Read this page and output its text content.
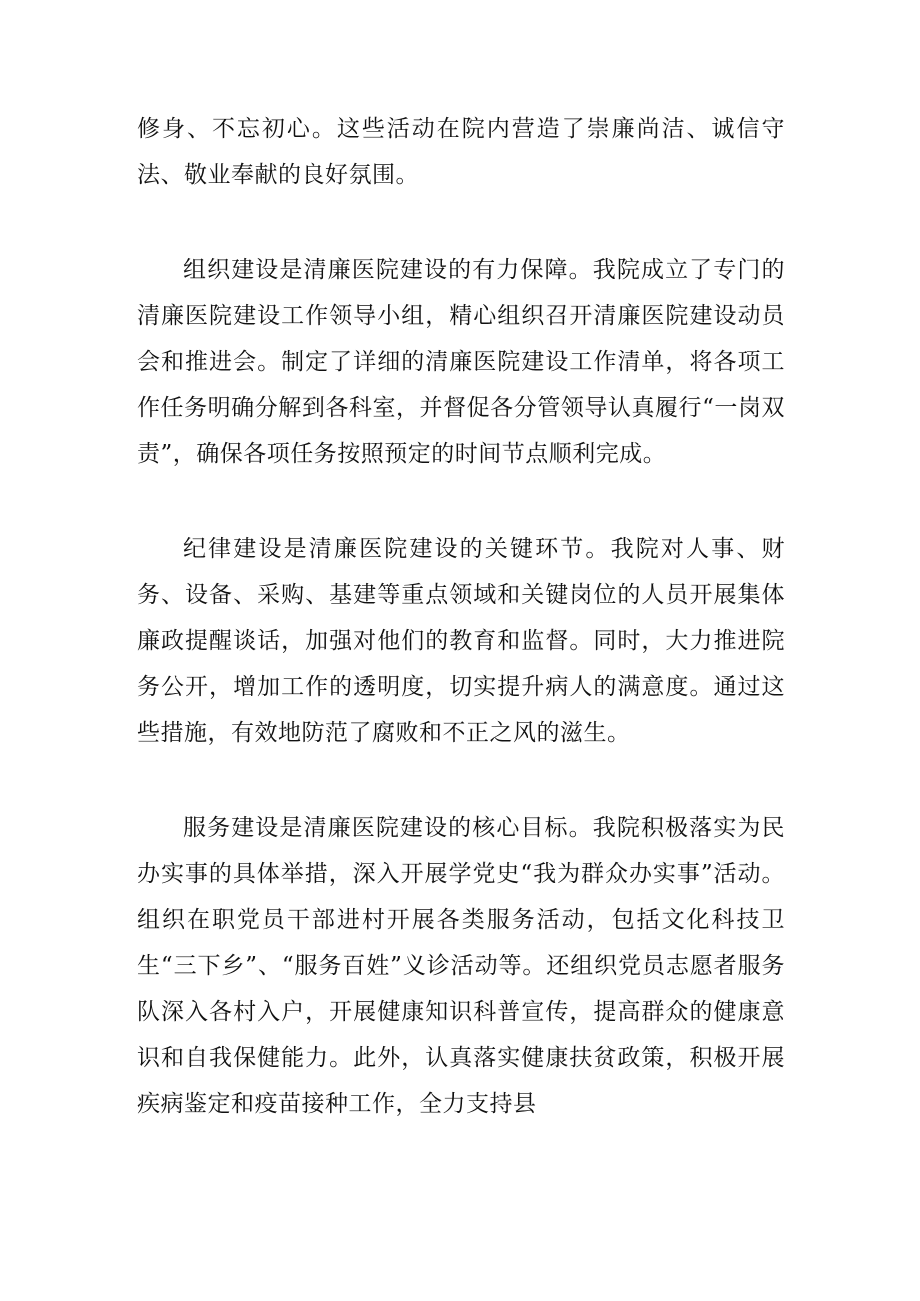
修身、不忘初心。这些活动在院内营造了崇廉尚洁、诚信守法、敬业奉献的良好氛围。

组织建设是清廉医院建设的有力保障。我院成立了专门的清廉医院建设工作领导小组，精心组织召开清廉医院建设动员会和推进会。制定了详细的清廉医院建设工作清单，将各项工作任务明确分解到各科室，并督促各分管领导认真履行“一岗双责”，确保各项任务按照预定的时间节点顺利完成。

纪律建设是清廉医院建设的关键环节。我院对人事、财务、设备、采购、基建等重点领域和关键岗位的人员开展集体廉政提醒谈话，加强对他们的教育和监督。同时，大力推进院务公开，增加工作的透明度，切实提升病人的满意度。通过这些措施，有效地防范了腐败和不正之风的滋生。

服务建设是清廉医院建设的核心目标。我院积极落实为民办实事的具体举措，深入开展学党史“我为群众办实事”活动。组织在职党员干部进村开展各类服务活动，包括文化科技卫生“三下乡”、“服务百姓”义诊活动等。还组织党员志愿者服务队深入各村入户，开展健康知识科普宣传，提高群众的健康意识和自我保健能力。此外，认真落实健康扶贫政策，积极开展疾病鉴定和疫苗接种工作，全力支持县
